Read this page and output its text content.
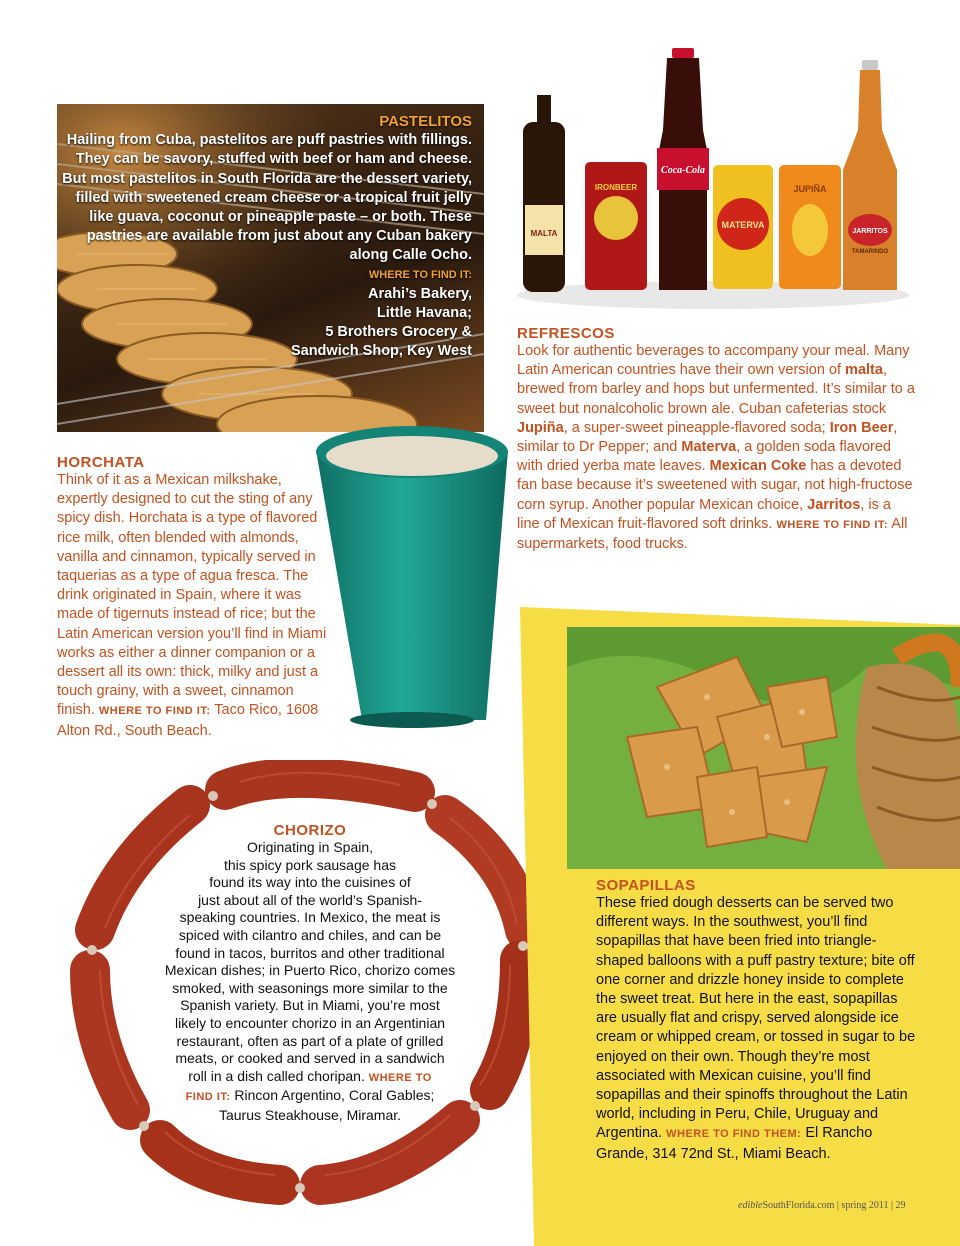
PASTELITOS
Hailing from Cuba, pastelitos are puff pastries with fillings. They can be savory, stuffed with beef or ham and cheese. But most pastelitos in South Florida are the dessert variety, filled with sweetened cream cheese or a tropical fruit jelly like guava, coconut or pineapple paste – or both. These pastries are available from just about any Cuban bakery along Calle Ocho.
WHERE TO FIND IT:
Arahi’s Bakery,
Little Havana;
5 Brothers Grocery &
Sandwich Shop, Key West
MALTA
IRONBEER
Coca-Cola
MATERVA
JUPIÑA
JARRITOS
TAMARINDO
REFRESCOS
Look for authentic beverages to accompany your meal. Many Latin American countries have their own version of malta, brewed from barley and hops but unfermented. It’s similar to a sweet but nonalcoholic brown ale. Cuban cafeterias stock Jupiña, a super-sweet pineapple-flavored soda; Iron Beer, similar to Dr Pepper; and Materva, a golden soda flavored with dried yerba mate leaves. Mexican Coke has a devoted fan base because it’s sweetened with sugar, not high-fructose corn syrup. Another popular Mexican choice, Jarritos, is a line of Mexican fruit-flavored soft drinks. WHERE TO FIND IT: All supermarkets, food trucks.
HORCHATA
Think of it as a Mexican milkshake, expertly designed to cut the sting of any spicy dish. Horchata is a type of flavored rice milk, often blended with almonds, vanilla and cinnamon, typically served in taquerias as a type of agua fresca. The drink originated in Spain, where it was made of tigernuts instead of rice; but the Latin American version you’ll find in Miami works as either a dinner companion or a dessert all its own: thick, milky and just a touch grainy, with a sweet, cinnamon finish. WHERE TO FIND IT: Taco Rico, 1608 Alton Rd., South Beach.
CHORIZO
Originating in Spain,
this spicy pork sausage has
found its way into the cuisines of
just about all of the world’s Spanish-
speaking countries. In Mexico, the meat is
spiced with cilantro and chiles, and can be
found in tacos, burritos and other traditional
Mexican dishes; in Puerto Rico, chorizo comes
smoked, with seasonings more similar to the
Spanish variety. But in Miami, you’re most
likely to encounter chorizo in an Argentinian
restaurant, often as part of a plate of grilled
meats, or cooked and served in a sandwich
roll in a dish called choripan. WHERE TO
FIND IT: Rincon Argentino, Coral Gables;
Taurus Steakhouse, Miramar.
SOPAPILLAS
These fried dough desserts can be served two different ways. In the southwest, you’ll find sopapillas that have been fried into triangle-shaped balloons with a puff pastry texture; bite off one corner and drizzle honey inside to complete the sweet treat. But here in the east, sopapillas are usually flat and crispy, served alongside ice cream or whipped cream, or tossed in sugar to be enjoyed on their own. Though they’re most associated with Mexican cuisine, you’ll find sopapillas and their spinoffs throughout the Latin world, including in Peru, Chile, Uruguay and Argentina. WHERE TO FIND THEM: El Rancho Grande, 314 72nd St., Miami Beach.
edibleSouthFlorida.com | spring 2011 | 29
